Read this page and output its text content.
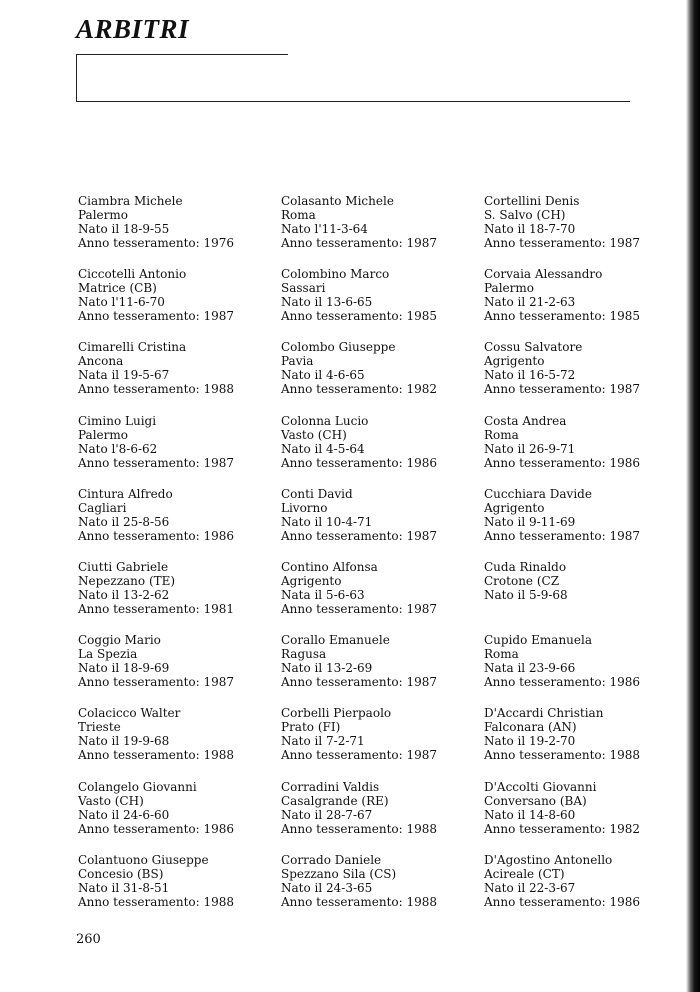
ARBITRI
Ciambra Michele
Palermo
Nato il 18-9-55
Anno tesseramento: 1976
Ciccotelli Antonio
Matrice (CB)
Nato l'11-6-70
Anno tesseramento: 1987
Cimarelli Cristina
Ancona
Nata il 19-5-67
Anno tesseramento: 1988
Cimino Luigi
Palermo
Nato l'8-6-62
Anno tesseramento: 1987
Cintura Alfredo
Cagliari
Nato il 25-8-56
Anno tesseramento: 1986
Ciutti Gabriele
Nepezzano (TE)
Nato il 13-2-62
Anno tesseramento: 1981
Coggio Mario
La Spezia
Nato il 18-9-69
Anno tesseramento: 1987
Colacicco Walter
Trieste
Nato il 19-9-68
Anno tesseramento: 1988
Colangelo Giovanni
Vasto (CH)
Nato il 24-6-60
Anno tesseramento: 1986
Colantuono Giuseppe
Concesio (BS)
Nato il 31-8-51
Anno tesseramento: 1988
Colasanto Michele
Roma
Nato l'11-3-64
Anno tesseramento: 1987
Colombino Marco
Sassari
Nato il 13-6-65
Anno tesseramento: 1985
Colombo Giuseppe
Pavia
Nato il 4-6-65
Anno tesseramento: 1982
Colonna Lucio
Vasto (CH)
Nato il 4-5-64
Anno tesseramento: 1986
Conti David
Livorno
Nato il 10-4-71
Anno tesseramento: 1987
Contino Alfonsa
Agrigento
Nata il 5-6-63
Anno tesseramento: 1987
Corallo Emanuele
Ragusa
Nato il 13-2-69
Anno tesseramento: 1987
Corbelli Pierpaolo
Prato (FI)
Nato il 7-2-71
Anno tesseramento: 1987
Corradini Valdis
Casalgrande (RE)
Nato il 28-7-67
Anno tesseramento: 1988
Corrado Daniele
Spezzano Sila (CS)
Nato il 24-3-65
Anno tesseramento: 1988
Cortellini Denis
S. Salvo (CH)
Nato il 18-7-70
Anno tesseramento: 1987
Corvaia Alessandro
Palermo
Nato il 21-2-63
Anno tesseramento: 1985
Cossu Salvatore
Agrigento
Nato il 16-5-72
Anno tesseramento: 1987
Costa Andrea
Roma
Nato il 26-9-71
Anno tesseramento: 1986
Cucchiara Davide
Agrigento
Nato il 9-11-69
Anno tesseramento: 1987
Cuda Rinaldo
Crotone (CZ
Nato il 5-9-68
Cupido Emanuela
Roma
Nata il 23-9-66
Anno tesseramento: 1986
D'Accardi Christian
Falconara (AN)
Nato il 19-2-70
Anno tesseramento: 1988
D'Accolti Giovanni
Conversano (BA)
Nato il 14-8-60
Anno tesseramento: 1982
D'Agostino Antonello
Acireale (CT)
Nato il 22-3-67
Anno tesseramento: 1986
260
